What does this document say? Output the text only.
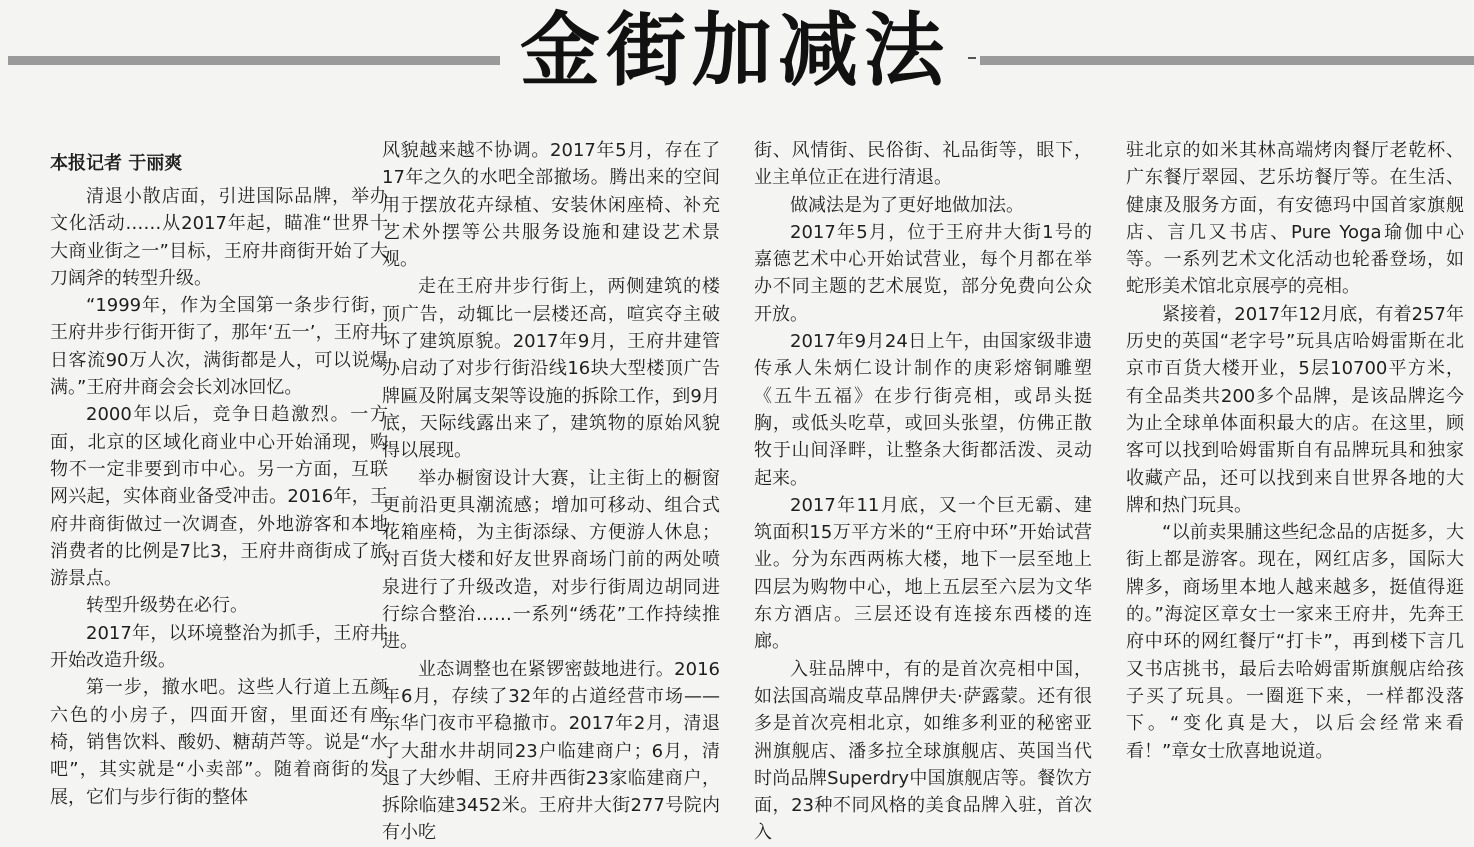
金街加减法
本报记者 于丽爽

清退小散店面，引进国际品牌，举办文化活动……从2017年起，瞄准“世界十大商业街之一”目标，王府井商街开始了大刀阔斧的转型升级。

“1999年，作为全国第一条步行街，王府井步行街开街了，那年‘五一’，王府井日客流90万人次，满街都是人，可以说爆满。”王府井商会会长刘冰回忆。

2000年以后，竞争日趋激烈。一方面，北京的区域化商业中心开始涌现，购物不一定非要到市中心。另一方面，互联网兴起，实体商业备受冲击。2016年，王府井商街做过一次调查，外地游客和本地消费者的比例是7比3，王府井商街成了旅游景点。

转型升级势在必行。

2017年，以环境整治为抓手，王府井开始改造升级。

第一步，撤水吧。这些人行道上五颜六色的小房子，四面开窗，里面还有座椅，销售饮料、酸奶、糖葫芦等。说是“水吧”，其实就是“小卖部”。随着商街的发展，它们与步行街的整体

风貌越来越不协调。2017年5月，存在了17年之久的水吧全部撤场。腾出来的空间用于摆放花卉绿植、安装休闲座椅、补充艺术外摆等公共服务设施和建设艺术景观。

走在王府井步行街上，两侧建筑的楼顶广告，动辄比一层楼还高，喧宾夺主破坏了建筑原貌。2017年9月，王府井建管办启动了对步行街沿线16块大型楼顶广告牌匾及附属支架等设施的拆除工作，到9月底，天际线露出来了，建筑物的原始风貌得以展现。

举办橱窗设计大赛，让主街上的橱窗更前沿更具潮流感；增加可移动、组合式花箱座椅，为主街添绿、方便游人休息；对百货大楼和好友世界商场门前的两处喷泉进行了升级改造，对步行街周边胡同进行综合整治……一系列“绣花”工作持续推进。

业态调整也在紧锣密鼓地进行。2016年6月，存续了32年的占道经营市场——东华门夜市平稳撤市。2017年2月，清退了大甜水井胡同23户临建商户；6月，清退了大纱帽、王府井西街23家临建商户，拆除临建3452米。王府井大街277号院内有小吃

街、风情街、民俗街、礼品街等，眼下，业主单位正在进行清退。

做减法是为了更好地做加法。

2017年5月，位于王府井大街1号的嘉德艺术中心开始试营业，每个月都在举办不同主题的艺术展览，部分免费向公众开放。

2017年9月24日上午，由国家级非遗传承人朱炳仁设计制作的庚彩熔铜雕塑《五牛五福》在步行街亮相，或昂头挺胸，或低头吃草，或回头张望，仿佛正散牧于山间泽畔，让整条大街都活泼、灵动起来。

2017年11月底，又一个巨无霸、建筑面积15万平方米的“王府中环”开始试营业。分为东西两栋大楼，地下一层至地上四层为购物中心，地上五层至六层为文华东方酒店。三层还设有连接东西楼的连廊。

入驻品牌中，有的是首次亮相中国，如法国高端皮草品牌伊夫·萨露蒙。还有很多是首次亮相北京，如维多利亚的秘密亚洲旗舰店、潘多拉全球旗舰店、英国当代时尚品牌Superdry中国旗舰店等。餐饮方面，23种不同风格的美食品牌入驻，首次入

驻北京的如米其林高端烤肉餐厅老乾杯、广东餐厅翠园、艺乐坊餐厅等。在生活、健康及服务方面，有安德玛中国首家旗舰店、言几又书店、Pure Yoga瑜伽中心等。一系列艺术文化活动也轮番登场，如蛇形美术馆北京展亭的亮相。

紧接着，2017年12月底，有着257年历史的英国“老字号”玩具店哈姆雷斯在北京市百货大楼开业，5层10700平方米，有全品类共200多个品牌，是该品牌迄今为止全球单体面积最大的店。在这里，顾客可以找到哈姆雷斯自有品牌玩具和独家收藏产品，还可以找到来自世界各地的大牌和热门玩具。

“以前卖果脯这些纪念品的店挺多，大街上都是游客。现在，网红店多，国际大牌多，商场里本地人越来越多，挺值得逛的。”海淀区章女士一家来王府井，先奔王府中环的网红餐厅“打卡”，再到楼下言几又书店挑书，最后去哈姆雷斯旗舰店给孩子买了玩具。一圈逛下来，一样都没落下。“变化真是大，以后会经常来看看！”章女士欣喜地说道。
